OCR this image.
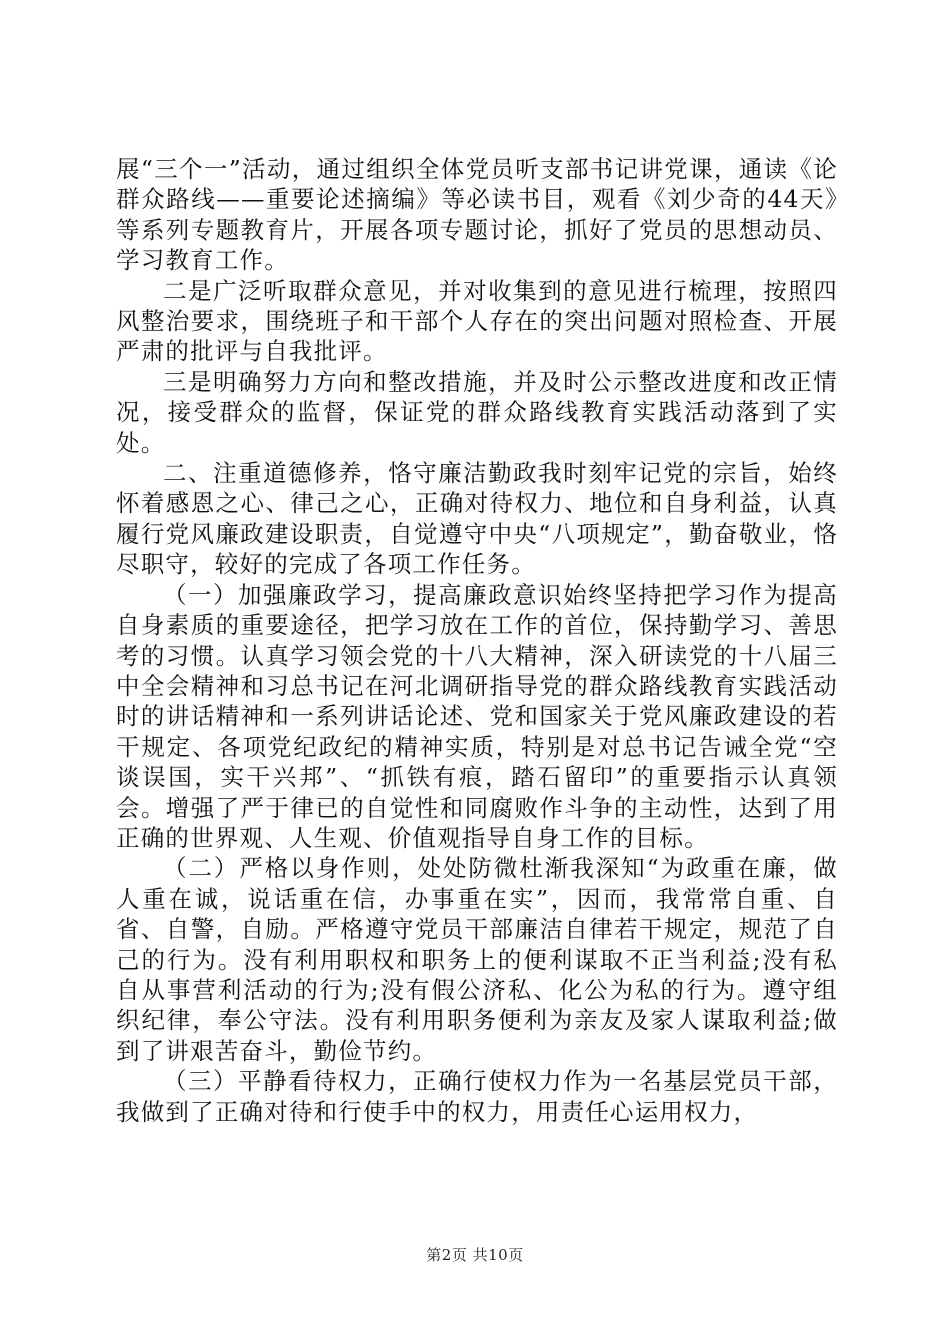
展“三个一”活动，通过组织全体党员听支部书记讲党课，通读《论群众路线——重要论述摘编》等必读书目，观看《刘少奇的44天》等系列专题教育片，开展各项专题讨论，抓好了党员的思想动员、学习教育工作。

二是广泛听取群众意见，并对收集到的意见进行梳理，按照四风整治要求，围绕班子和干部个人存在的突出问题对照检查、开展严肃的批评与自我批评。

三是明确努力方向和整改措施，并及时公示整改进度和改正情况，接受群众的监督，保证党的群众路线教育实践活动落到了实处。

二、注重道德修养，恪守廉洁勤政我时刻牢记党的宗旨，始终怀着感恩之心、律己之心，正确对待权力、地位和自身利益，认真履行党风廉政建设职责，自觉遵守中央“八项规定”，勤奋敬业，恪尽职守，较好的完成了各项工作任务。

（一）加强廉政学习，提高廉政意识始终坚持把学习作为提高自身素质的重要途径，把学习放在工作的首位，保持勤学习、善思考的习惯。认真学习领会党的十八大精神，深入研读党的十八届三中全会精神和习总书记在河北调研指导党的群众路线教育实践活动时的讲话精神和一系列讲话论述、党和国家关于党风廉政建设的若干规定、各项党纪政纪的精神实质，特别是对总书记告诫全党“空谈误国，实干兴邦”、“抓铁有痕，踏石留印”的重要指示认真领会。增强了严于律已的自觉性和同腐败作斗争的主动性，达到了用正确的世界观、人生观、价值观指导自身工作的目标。

（二）严格以身作则，处处防微杜渐我深知“为政重在廉，做人重在诚，说话重在信，办事重在实”，因而，我常常自重、自省、自警，自励。严格遵守党员干部廉洁自律若干规定，规范了自己的行为。没有利用职权和职务上的便利谋取不正当利益;没有私自从事营利活动的行为;没有假公济私、化公为私的行为。遵守组织纪律，奉公守法。没有利用职务便利为亲友及家人谋取利益;做到了讲艰苦奋斗，勤俭节约。

（三）平静看待权力，正确行使权力作为一名基层党员干部，我做到了正确对待和行使手中的权力，用责任心运用权力，

第2页 共10页
